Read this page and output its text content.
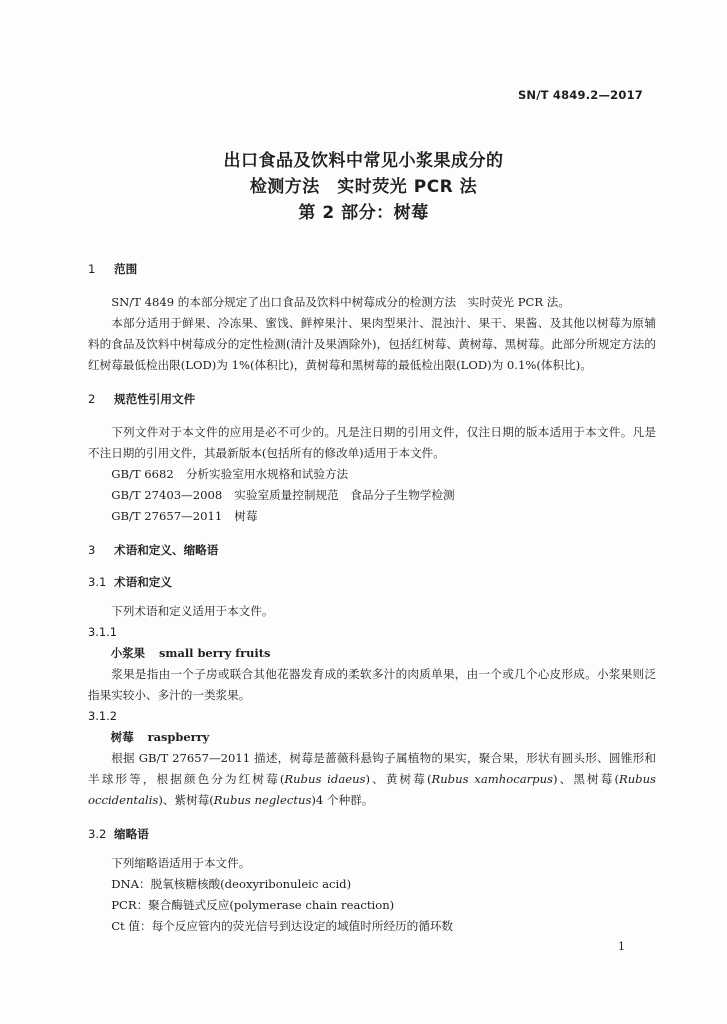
SN/T 4849.2—2017
出口食品及饮料中常见小浆果成分的
检测方法　实时荧光 PCR 法
第 2 部分：树莓
1 范围

SN/T 4849 的本部分规定了出口食品及饮料中树莓成分的检测方法　实时荧光 PCR 法。

本部分适用于鲜果、冷冻果、蜜饯、鲜榨果汁、果肉型果汁、混浊汁、果干、果酱、及其他以树莓为原辅料的食品及饮料中树莓成分的定性检测(清汁及果酒除外)，包括红树莓、黄树莓、黑树莓。此部分所规定方法的红树莓最低检出限(LOD)为 1%(体积比)，黄树莓和黑树莓的最低检出限(LOD)为 0.1%(体积比)。

2 规范性引用文件

下列文件对于本文件的应用是必不可少的。凡是注日期的引用文件，仅注日期的版本适用于本文件。凡是不注日期的引用文件，其最新版本(包括所有的修改单)适用于本文件。

GB/T 6682 分析实验室用水规格和试验方法

GB/T 27403—2008 实验室质量控制规范　食品分子生物学检测

GB/T 27657—2011 树莓

3 术语和定义、缩略语
3.1 术语和定义

下列术语和定义适用于本文件。

3.1.1

小浆果 small berry fruits

浆果是指由一个子房或联合其他花器发育成的柔软多汁的肉质单果，由一个或几个心皮形成。小浆果则泛指果实较小、多汁的一类浆果。

3.1.2

树莓 raspberry

根据 GB/T 27657—2011 描述，树莓是蔷薇科悬钩子属植物的果实，聚合果，形状有圆头形、圆锥形和半球形等，根据颜色分为红树莓(Rubus idaeus)、黄树莓(Rubus xamhocarpus)、黑树莓(Rubus occidentalis)、紫树莓(Rubus neglectus)4 个种群。

3.2 缩略语

下列缩略语适用于本文件。

DNA：脱氧核糖核酸(deoxyribonuleic acid)

PCR：聚合酶链式反应(polymerase chain reaction)

Ct 值：每个反应管内的荧光信号到达设定的域值时所经历的循环数

1
